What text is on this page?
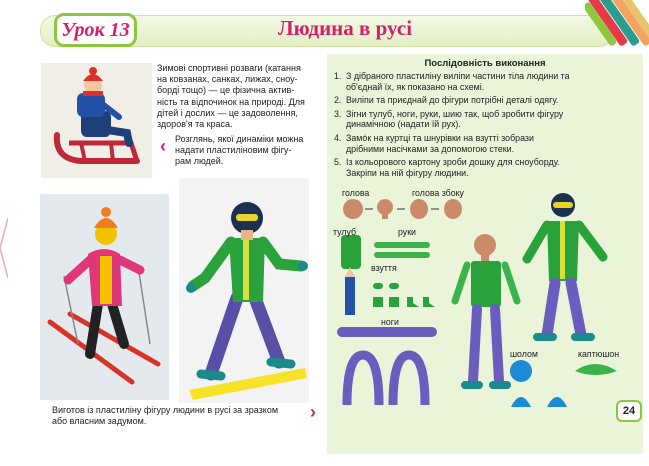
Урок 13	Людина в русі
Зимові спортивні розваги (катання
на ковзанах, санках, лижах, сноу-
борді тощо) — це фізична актив-
ність та відпочинок на природі. Для
дітей і дослих — це задоволення,
здоров'я та краса.
‹ Розглянь, якої динаміки можна
надати пластиліновим фігу-
рам людей.
Виготов із пластиліну фігуру людини в русі за зразком
або власним задумом.	›
Послідовність виконання
1. З дібраного пластиліну виліпи частини тіла людини та
об'єднай їх, як показано на схемі.
2. Виліпи та приєднай до фігури потрібні деталі одягу.
3. Зігни тулуб, ноги, руки, шию так, щоб зробити фігуру
динамічною (надати їй рух).
4. Замóк на куртці та шнурівки на взутті зобрази
дрібними насічками за допомогою стеки.
5. Із кольорового картону зроби дошку для сноуборду.
Закріпи на ній фігуру людини.
голова	голова збоку
тулуб	руки
взуття
ноги
шолом	каптюшон
24
